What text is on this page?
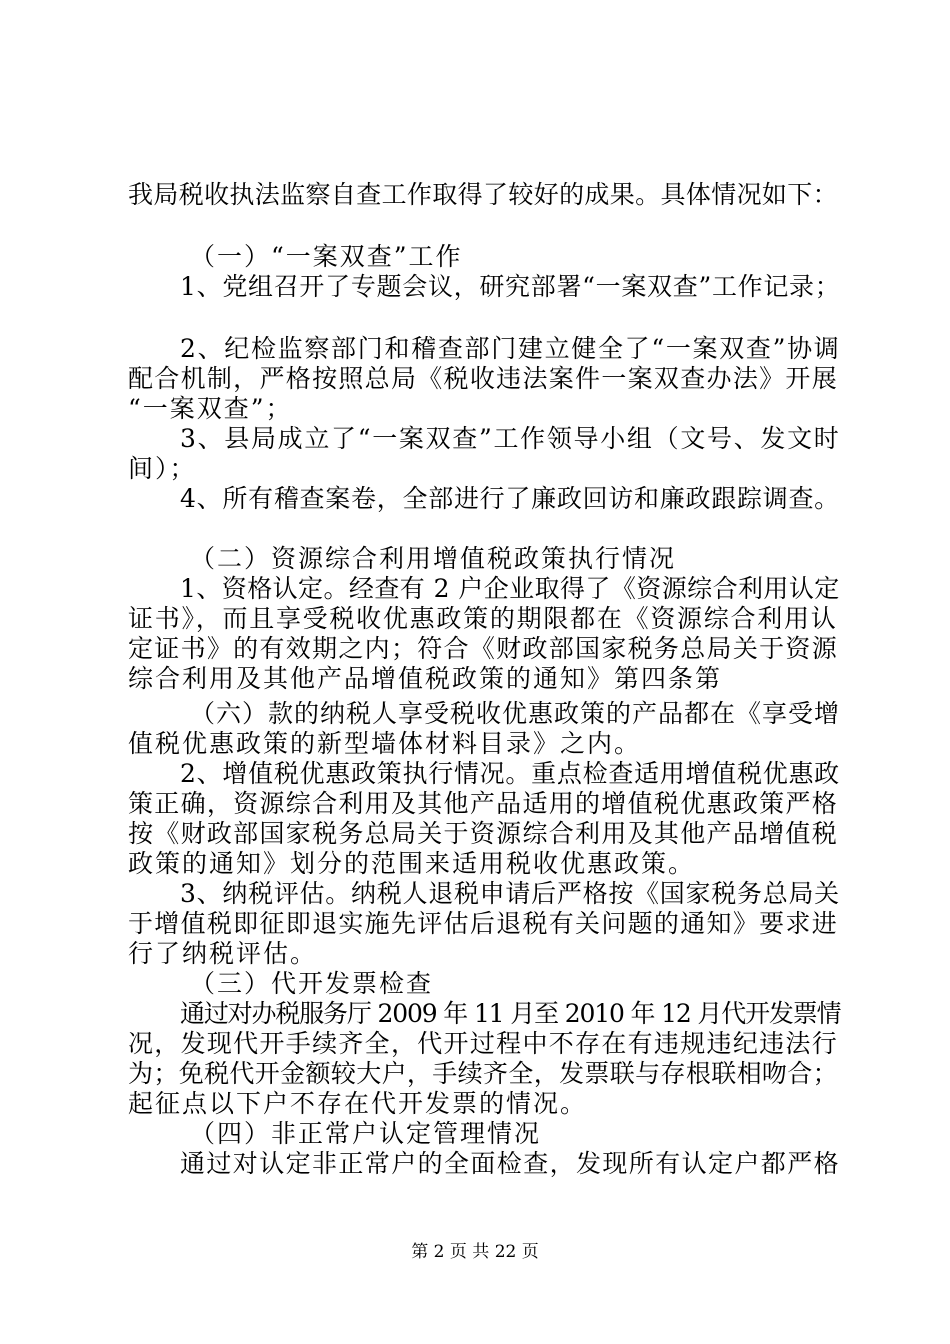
我局税收执法监察自查工作取得了较好的成果。具体情况如下：
（一）“一案双查”工作
1、党组召开了专题会议，研究部署“一案双查”工作记录；
2、纪检监察部门和稽查部门建立健全了“一案双查”协调
配合机制，严格按照总局《税收违法案件一案双查办法》开展
“一案双查”；
3、县局成立了“一案双查”工作领导小组（文号、发文时
间）；
4、所有稽查案卷，全部进行了廉政回访和廉政跟踪调查。
（二）资源综合利用增值税政策执行情况
1、资格认定。经查有 2 户企业取得了《资源综合利用认定
证书》，而且享受税收优惠政策的期限都在《资源综合利用认
定证书》的有效期之内；符合《财政部国家税务总局关于资源
综合利用及其他产品增值税政策的通知》第四条第
（六）款的纳税人享受税收优惠政策的产品都在《享受增
值税优惠政策的新型墙体材料目录》之内。
2、增值税优惠政策执行情况。重点检查适用增值税优惠政
策正确，资源综合利用及其他产品适用的增值税优惠政策严格
按《财政部国家税务总局关于资源综合利用及其他产品增值税
政策的通知》划分的范围来适用税收优惠政策。
3、纳税评估。纳税人退税申请后严格按《国家税务总局关
于增值税即征即退实施先评估后退税有关问题的通知》要求进
行了纳税评估。
（三）代开发票检查
通过对办税服务厅 2009 年 11 月至 2010 年 12 月代开发票情
况，发现代开手续齐全，代开过程中不存在有违规违纪违法行
为；免税代开金额较大户，手续齐全，发票联与存根联相吻合；
起征点以下户不存在代开发票的情况。
（四）非正常户认定管理情况
通过对认定非正常户的全面检查，发现所有认定户都严格
第 2 页 共 22 页
